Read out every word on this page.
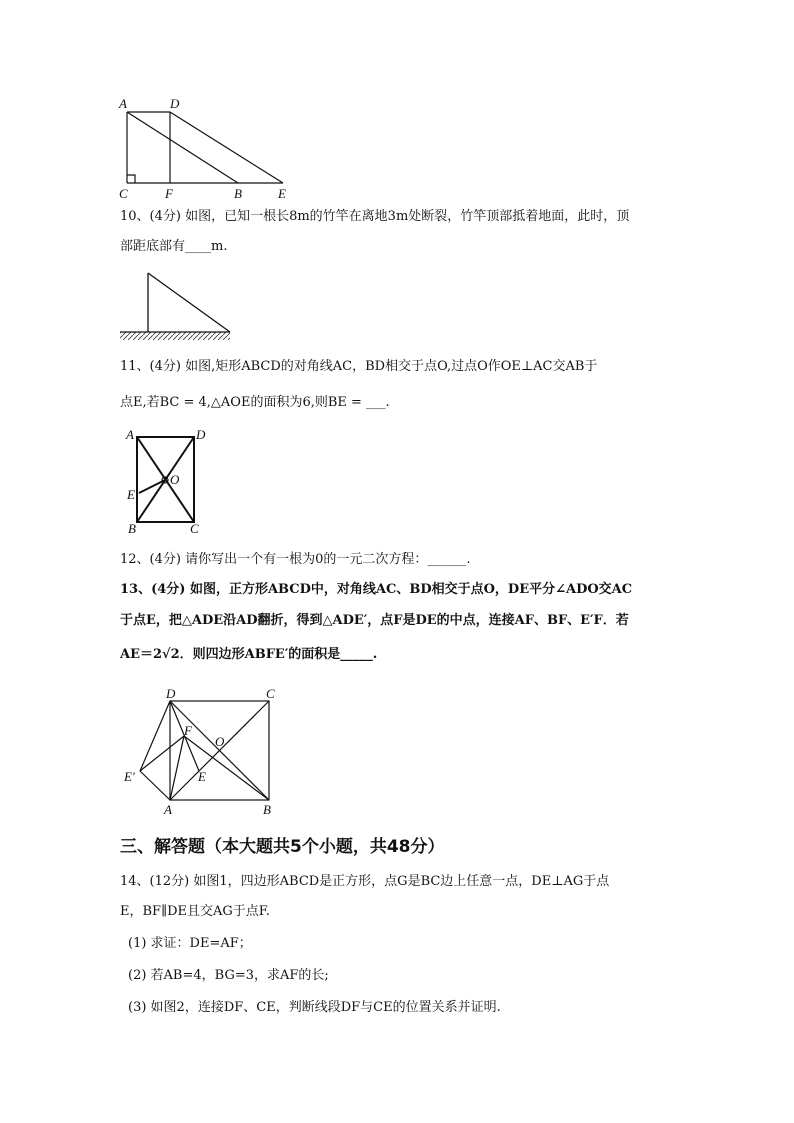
A	D
C	F	B	E
10、(4分) 如图，已知一根长8m的竹竿在离地3m处断裂，竹竿顶部抵着地面，此时，顶
部距底部有____m.
11、(4分) 如图,矩形ABCD的对角线AC，BD相交于点O,过点O作OE⊥AC交AB于
点E,若BC = 4,△AOE的面积为6,则BE = ___.
A	D
O
E
B	C
12、(4分) 请你写出一个有一根为0的一元二次方程：______.
13、(4分) 如图，正方形ABCD中，对角线AC、BD相交于点O，DE平分∠ADO交AC
于点E，把△ADE沿AD翻折，得到△ADE′，点F是DE的中点，连接AF、BF、E′F．若
AE＝2√2．则四边形ABFE′的面积是_____.
D	C
F
O
E′	E
A	B
三、解答题（本大题共5个小题，共48分）
14、(12分) 如图1，四边形ABCD是正方形，点G是BC边上任意一点，DE⊥AG于点
E，BF∥DE且交AG于点F.
(1) 求证：DE=AF；
(2) 若AB=4，BG=3，求AF的长;
(3) 如图2，连接DF、CE，判断线段DF与CE的位置关系并证明.
